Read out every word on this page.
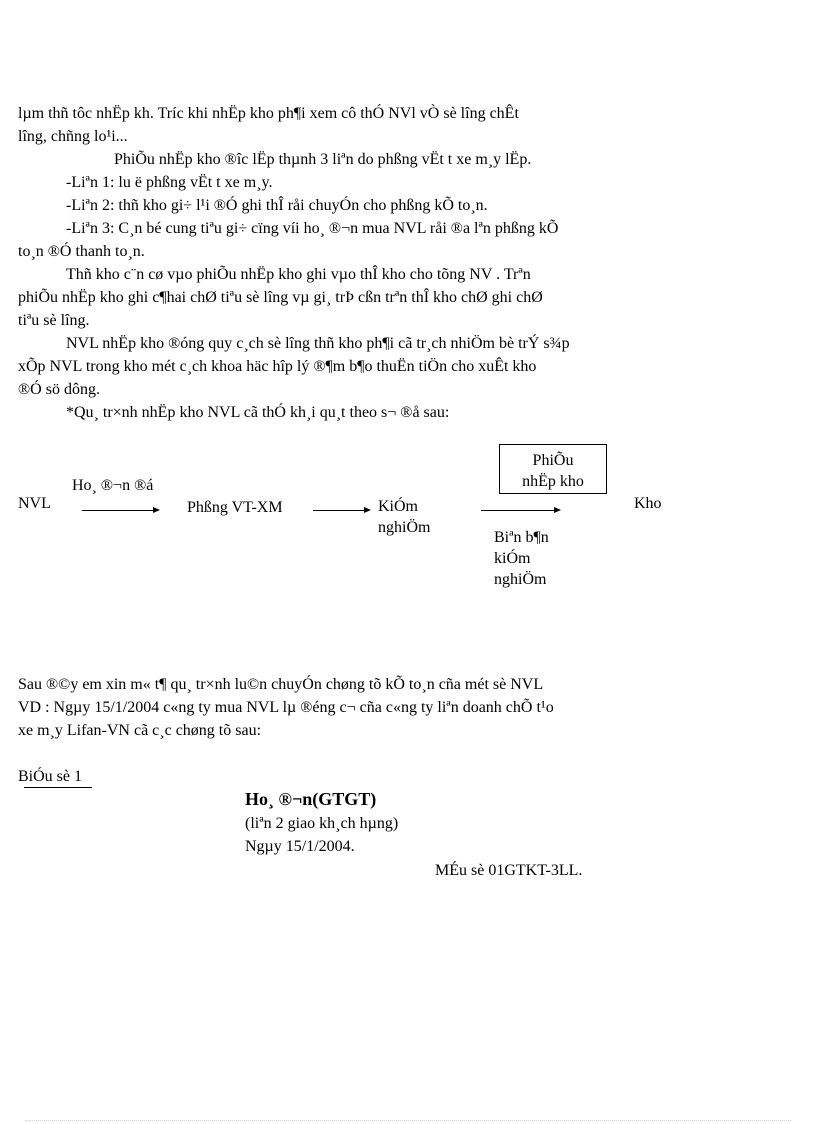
lµm thñ tôc nhËp kh. Tríc khi nhËp kho ph¶i xem cô thÓ NVl vÒ sè lîng chÊt
lîng, chñng lo¹i...
PhiÕu nhËp kho ®îc lËp thµnh 3 liªn do phßng vËt t xe m¸y lËp.
-Liªn 1: lu ë phßng vËt t xe m¸y.
-Liªn 2: thñ kho gi÷ l¹i ®Ó ghi thÎ råi chuyÓn cho phßng kÕ to¸n.
-Liªn 3: C¸n bé cung tiªu gi÷ cïng víi ho¸ ®¬n mua NVL råi ®a lªn phßng kÕ
to¸n ®Ó thanh to¸n.
Thñ kho c¨n cø vµo phiÕu nhËp kho ghi vµo thÎ kho cho tõng NV . Trªn
phiÕu nhËp kho ghi c¶hai chØ tiªu sè lîng vµ gi¸ trÞ cßn trªn thÎ kho chØ ghi chØ
tiªu sè lîng.
NVL nhËp kho ®óng quy c¸ch sè lîng thñ kho ph¶i cã tr¸ch nhiÖm bè trÝ s¾p
xÕp NVL trong kho mét c¸ch khoa häc hîp lý ®¶m b¶o thuËn tiÖn cho xuÊt kho
®Ó sö dông.
*Qu¸ tr×nh nhËp kho NVL cã thÓ kh¸i qu¸t theo s¬ ®å sau:
NVL
Ho¸ ®¬n ®á
Phßng VT-XM	KiÓm
nghiÖm
PhiÕu nhËp kho
Kho
Biªn b¶n
kiÓm
nghiÖm
Sau ®©y em xin m« t¶ qu¸ tr×nh lu©n chuyÓn chøng tõ kÕ to¸n cña mét sè NVL
VD : Ngµy 15/1/2004 c«ng ty mua NVL lµ ®éng c¬ cña c«ng ty liªn doanh chÕ t¹o
xe m¸y Lifan-VN cã c¸c chøng tõ sau:
BiÓu sè 1
Ho¸ ®¬n(GTGT)
(liªn 2 giao kh¸ch hµng)
Ngµy 15/1/2004.
MÉu sè 01GTKT-3LL.
